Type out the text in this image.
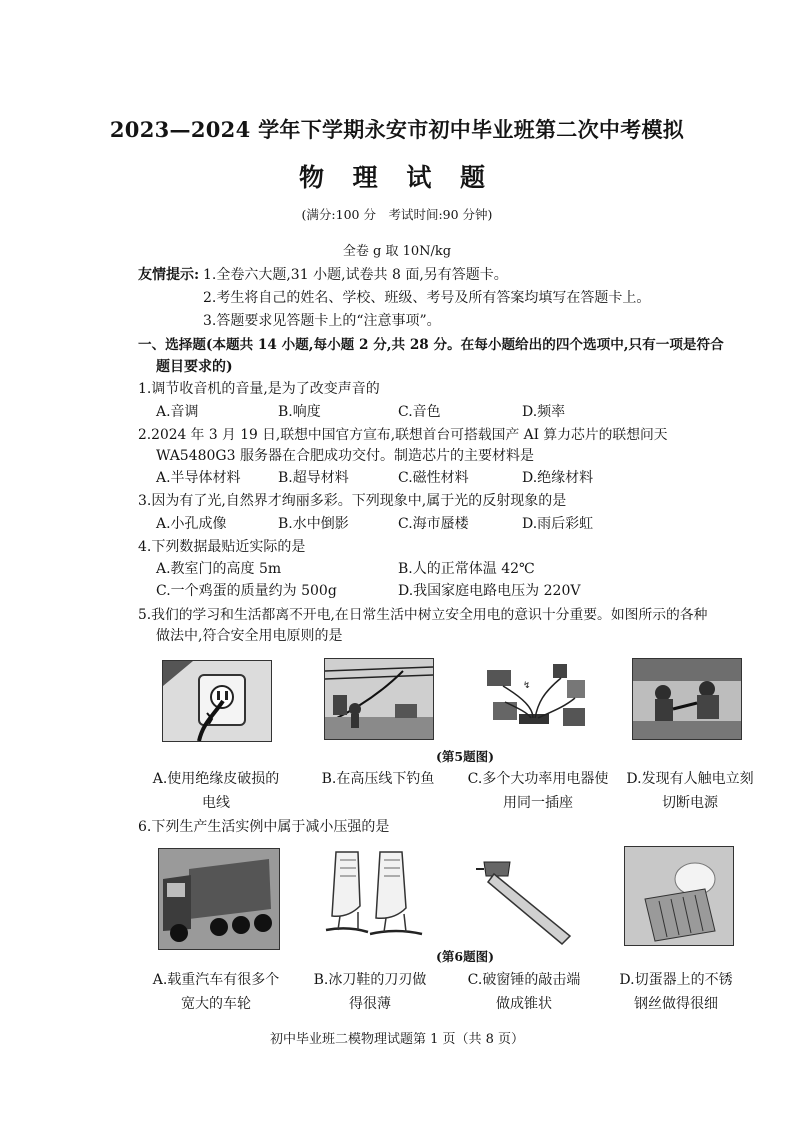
2023—2024 学年下学期永安市初中毕业班第二次中考模拟
物 理 试 题
(满分:100 分　考试时间:90 分钟)
全卷 g 取 10N/kg
友情提示: 1.全卷六大题,31 小题,试卷共 8 面,另有答题卡。
2.考生将自己的姓名、学校、班级、考号及所有答案均填写在答题卡上。
3.答题要求见答题卡上的“注意事项”。
一、选择题(本题共 14 小题,每小题 2 分,共 28 分。在每小题给出的四个选项中,只有一项是符合
题目要求的)
1.调节收音机的音量,是为了改变声音的
A.音调	B.响度	C.音色	D.频率
2.2024 年 3 月 19 日,联想中国官方宣布,联想首台可搭载国产 AI 算力芯片的联想问天
WA5480G3 服务器在合肥成功交付。制造芯片的主要材料是
A.半导体材料	B.超导材料	C.磁性材料	D.绝缘材料
3.因为有了光,自然界才绚丽多彩。下列现象中,属于光的反射现象的是
A.小孔成像	B.水中倒影	C.海市蜃楼	D.雨后彩虹
4.下列数据最贴近实际的是
A.教室门的高度 5m	B.人的正常体温 42℃
C.一个鸡蛋的质量约为 500g	D.我国家庭电路电压为 220V
5.我们的学习和生活都离不开电,在日常生活中树立安全用电的意识十分重要。如图所示的各种
做法中,符合安全用电原则的是
↯
(第5题图)
A.使用绝缘皮破损的电线
B.在高压线下钓鱼	C.多个大功率用电器使用同一插座
D.发现有人触电立刻切断电源
6.下列生产生活实例中属于减小压强的是
(第6题图)
A.载重汽车有很多个宽大的车轮
B.冰刀鞋的刀刃做得很薄
C.破窗锤的敲击端做成锥状
D.切蛋器上的不锈钢丝做得很细
初中毕业班二模物理试题第 1 页（共 8 页）
